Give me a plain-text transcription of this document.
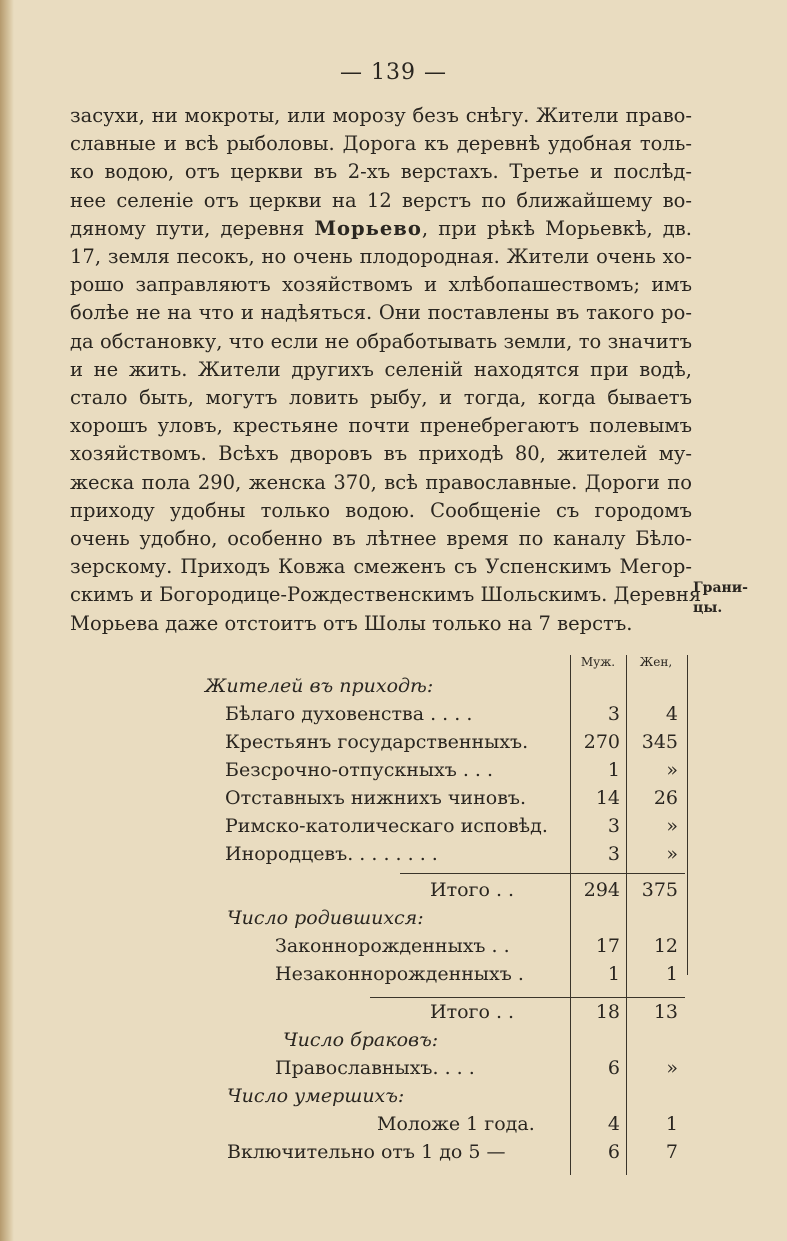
— 139 —
засухи, ни мокроты, или морозу безъ снѣгу. Жители право-
славные и всѣ рыболовы. Дорога къ деревнѣ удобная толь-
ко водою, отъ церкви въ 2-хъ верстахъ. Третье и послѣд-
нее селенiе отъ церкви на 12 верстъ по ближайшему во-
дяному пути, деревня Морьево, при рѣкѣ Морьевкѣ, дв.
17, земля песокъ, но очень плодородная. Жители очень хо-
рошо заправляютъ хозяйствомъ и хлѣбопашествомъ; имъ
болѣе не на что и надѣяться. Они поставлены въ такого ро-
да обстановку, что если не обработывать земли, то значитъ
и не жить. Жители другихъ селенiй находятся при водѣ,
стало быть, могутъ ловить рыбу, и тогда, когда бываетъ
хорошъ уловъ, крестьяне почти пренебрегаютъ полевымъ
хозяйствомъ. Всѣхъ дворовъ въ приходѣ 80, жителей му-
жеска пола 290, женска 370, всѣ православные. Дороги по
приходу удобны только водою. Сообщенiе съ городомъ
очень удобно, особенно въ лѣтнее время по каналу Бѣло-
зерскому. Приходъ Ковжа смеженъ съ Успенскимъ Мегор-
скимъ и Богородице-Рождественскимъ Шольскимъ. Деревня
Морьева даже отстоитъ отъ Шолы только на 7 верстъ.
Грани-цы.
Муж.	Жен,
Жителей въ приходѣ:
Бѣлаго духовенства . . . .	3	4
Крестьянъ государственныхъ.	270	345
Безсрочно-отпускныхъ . . .	1	»
Отставныхъ нижнихъ чиновъ.	14	26
Римско-католическаго исповѣд.	3	»
Инородцевъ. . . . . . . .	3	»
Итого . .	294	375
Число родившихся:
Законнорожденныхъ . .	17	12
Незаконнорожденныхъ .	1	1
Итого . .	18	13
Число браковъ:
Православныхъ. . . .	6	»
Число умершихъ:
Моложе 1 года.	4	1
Включительно отъ 1 до 5 —	6	7
